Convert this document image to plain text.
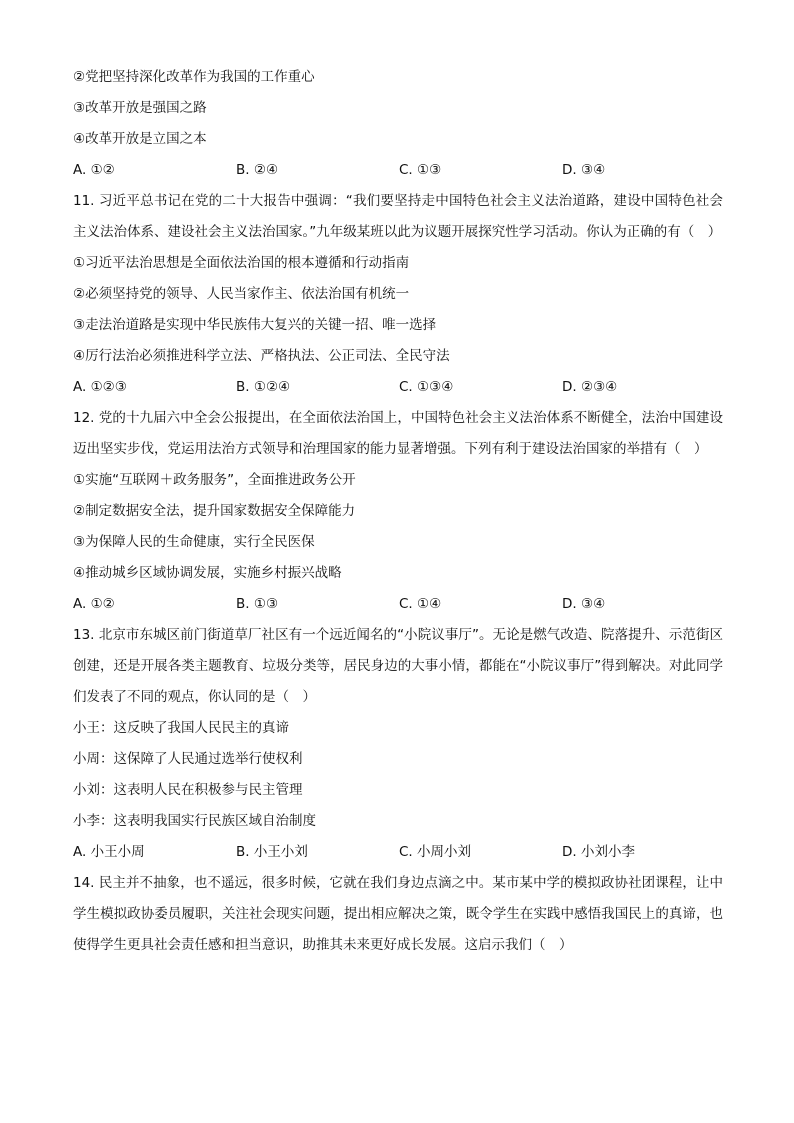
②党把坚持深化改革作为我国的工作重心
③改革开放是强国之路
④改革开放是立国之本
A. ①②	B. ②④	C. ①③	D. ③④
11. 习近平总书记在党的二十大报告中强调：“我们要坚持走中国特色社会主义法治道路，建设中国特色社会主义法治体系、建设社会主义法治国家。”九年级某班以此为议题开展探究性学习活动。你认为正确的有（　）
①习近平法治思想是全面依法治国的根本遵循和行动指南
②必须坚持党的领导、人民当家作主、依法治国有机统一
③走法治道路是实现中华民族伟大复兴的关键一招、唯一选择
④厉行法治必须推进科学立法、严格执法、公正司法、全民守法
A. ①②③	B. ①②④	C. ①③④	D. ②③④
12. 党的十九届六中全会公报提出，在全面依法治国上，中国特色社会主义法治体系不断健全，法治中国建设迈出坚实步伐，党运用法治方式领导和治理国家的能力显著增强。下列有利于建设法治国家的举措有（　）
①实施“互联网＋政务服务”，全面推进政务公开
②制定数据安全法，提升国家数据安全保障能力
③为保障人民的生命健康，实行全民医保
④推动城乡区域协调发展，实施乡村振兴战略
A. ①②	B. ①③	C. ①④	D. ③④
13. 北京市东城区前门街道草厂社区有一个远近闻名的“小院议事厅”。无论是燃气改造、院落提升、示范街区创建，还是开展各类主题教育、垃圾分类等，居民身边的大事小情，都能在“小院议事厅”得到解决。对此同学们发表了不同的观点，你认同的是（　）
小王：这反映了我国人民民主的真谛
小周：这保障了人民通过选举行使权利
小刘：这表明人民在积极参与民主管理
小李：这表明我国实行民族区域自治制度
A. 小王小周	B. 小王小刘	C. 小周小刘	D. 小刘小李
14. 民主并不抽象，也不遥远，很多时候，它就在我们身边点滴之中。某市某中学的模拟政协社团课程，让中学生模拟政协委员履职，关注社会现实问题，提出相应解决之策，既令学生在实践中感悟我国民上的真谛，也使得学生更具社会责任感和担当意识，助推其未来更好成长发展。这启示我们（　）
